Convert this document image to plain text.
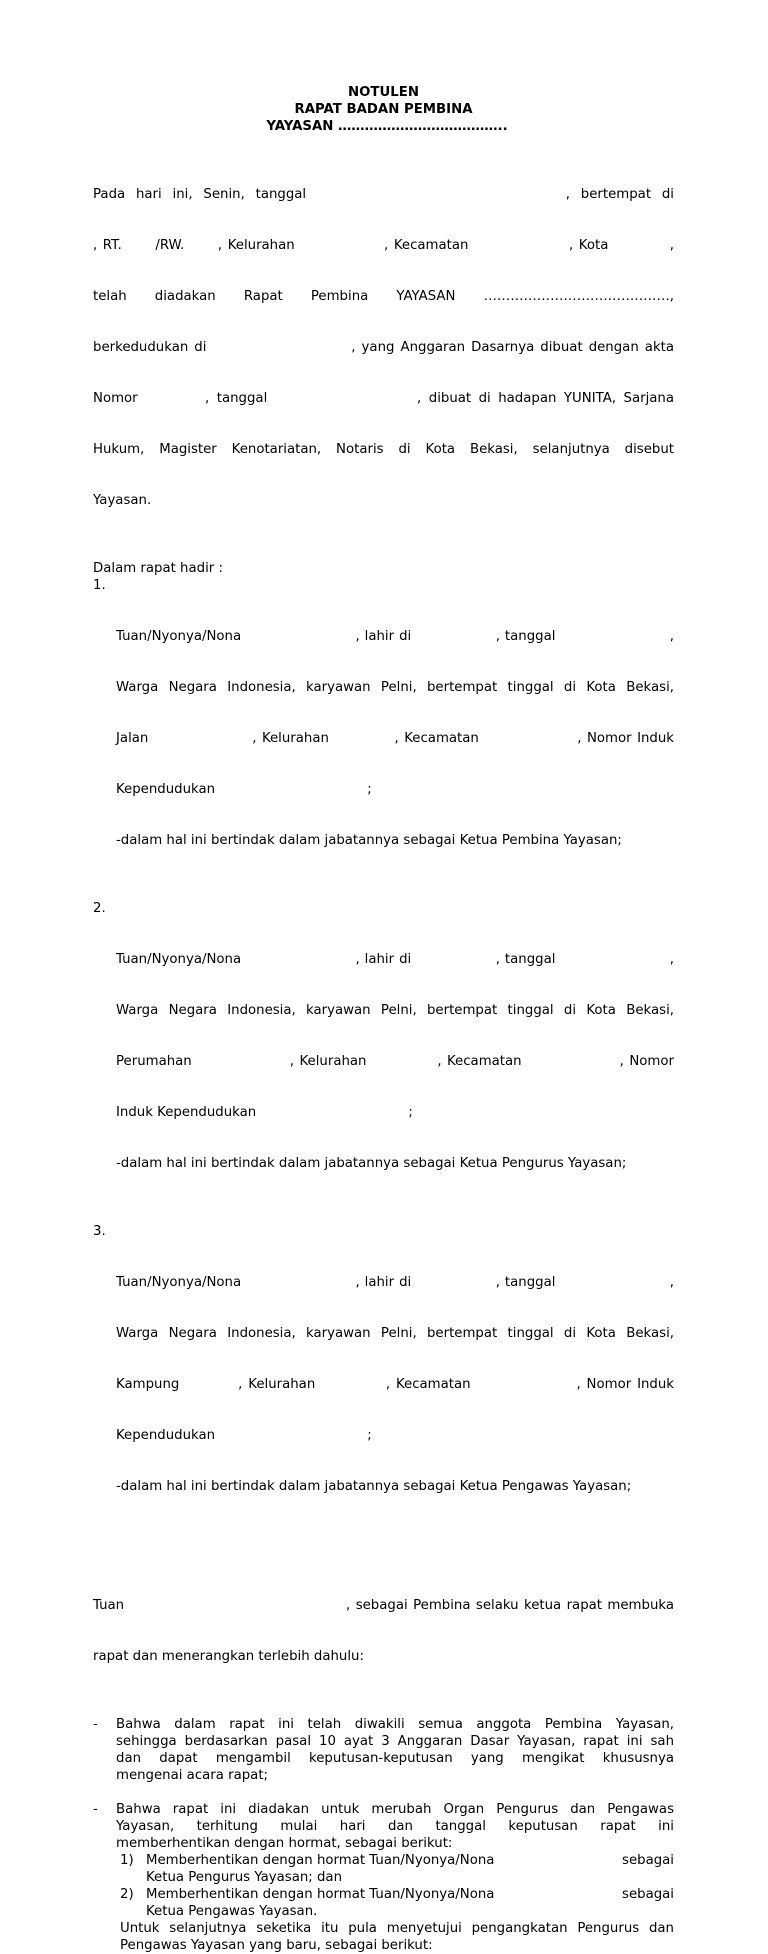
NOTULEN
RAPAT BADAN PEMBINA
YAYASAN ………………………………..

Pada hari ini, Senin, tanggal                        , bertempat di

, RT.      /RW.      , Kelurahan                , Kecamatan                  , Kota           ,

telah diadakan Rapat Pembina YAYASAN ……………………………………,

berkedudukan di                        , yang Anggaran Dasarnya dibuat dengan akta

Nomor         , tanggal                    , dibuat di hadapan YUNITA, Sarjana

Hukum, Magister Kenotariatan, Notaris di Kota Bekasi, selanjutnya disebut

Yayasan.

Dalam rapat hadir :

1.

Tuan/Nyonya/Nona                       , lahir di                 , tanggal                       ,

Warga Negara Indonesia, karyawan Pelni, bertempat tinggal di Kota Bekasi,

Jalan                   , Kelurahan            , Kecamatan                  , Nomor Induk

Kependudukan                                    ;

-dalam hal ini bertindak dalam jabatannya sebagai Ketua Pembina Yayasan;

2.

Tuan/Nyonya/Nona                       , lahir di                 , tanggal                       ,

Warga Negara Indonesia, karyawan Pelni, bertempat tinggal di Kota Bekasi,

Perumahan                  , Kelurahan             , Kecamatan                  , Nomor

Induk Kependudukan                                    ;

-dalam hal ini bertindak dalam jabatannya sebagai Ketua Pengurus Yayasan;

3.

Tuan/Nyonya/Nona                       , lahir di                 , tanggal                       ,

Warga Negara Indonesia, karyawan Pelni, bertempat tinggal di Kota Bekasi,

Kampung          , Kelurahan            , Kecamatan                  , Nomor Induk

Kependudukan                                    ;

-dalam hal ini bertindak dalam jabatannya sebagai Ketua Pengawas Yayasan;

Tuan                                         , sebagai Pembina selaku ketua rapat membuka

rapat dan menerangkan terlebih dahulu:

- Bahwa dalam rapat ini telah diwakili semua anggota Pembina Yayasan,
sehingga berdasarkan pasal 10 ayat 3 Anggaran Dasar Yayasan, rapat ini sah
dan dapat mengambil keputusan-keputusan yang mengikat khususnya
mengenai acara rapat;
- Bahwa rapat ini diadakan untuk merubah Organ Pengurus dan Pengawas
Yayasan, terhitung mulai hari dan tanggal keputusan rapat ini
memberhentikan dengan hormat, sebagai berikut:
1) Memberhentikan dengan hormat Tuan/Nyonya/Nona	sebagai
Ketua Pengurus Yayasan; dan
2) Memberhentikan dengan hormat Tuan/Nyonya/Nona	sebagai
Ketua Pengawas Yayasan.
Untuk selanjutnya seketika itu pula menyetujui pengangkatan Pengurus dan
Pengawas Yayasan yang baru, sebagai berikut:
